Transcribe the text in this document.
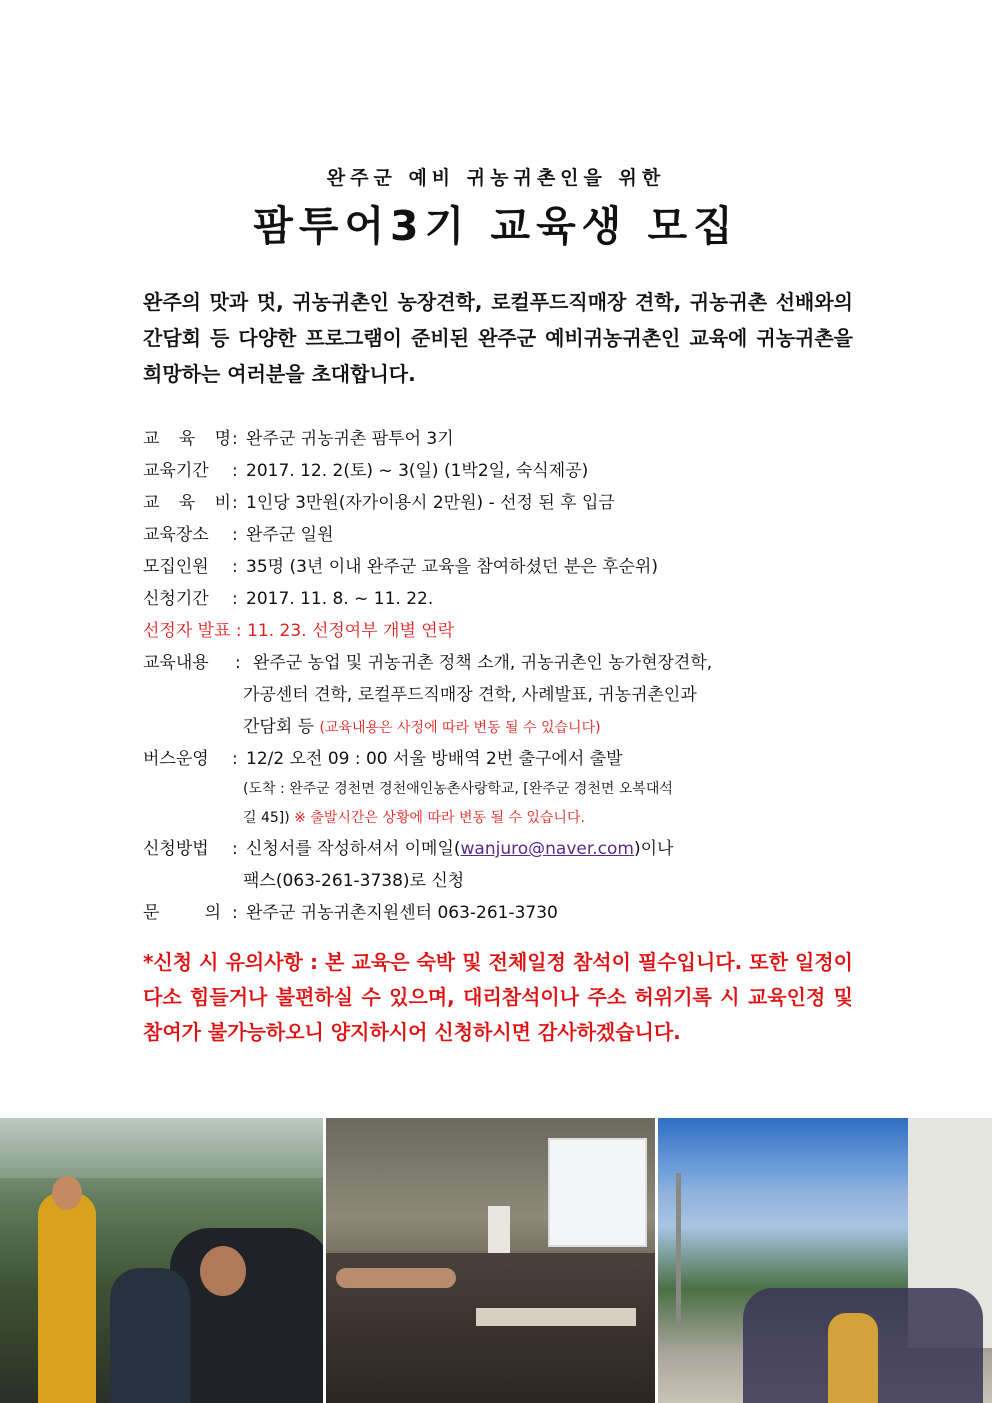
완주군 예비 귀농귀촌인을 위한
팜투어3기 교육생 모집
완주의 맛과 멋, 귀농귀촌인 농장견학, 로컬푸드직매장 견학, 귀농귀촌 선배와의 간담회 등 다양한 프로그램이 준비된 완주군 예비귀농귀촌인 교육에 귀농귀촌을 희망하는 여러분을 초대합니다.
교 육 명 : 완주군 귀농귀촌 팜투어 3기
교육기간	: 2017. 12. 2(토) ~ 3(일) (1박2일, 숙식제공)
교 육 비 : 1인당 3만원(자가이용시 2만원) - 선정 된 후 입금
교육장소	: 완주군 일원
모집인원	: 35명 (3년 이내 완주군 교육을 참여하셨던 분은 후순위)
신청기간	: 2017. 11. 8. ~ 11. 22.
선정자 발표 : 11. 23. 선정여부 개별 연락
교육내용	: 완주군 농업 및 귀농귀촌 정책 소개, 귀농귀촌인 농가현장견학,
가공센터 견학, 로컬푸드직매장 견학, 사례발표, 귀농귀촌인과
간담회 등 (교육내용은 사정에 따라 변동 될 수 있습니다)
버스운영	: 12/2 오전 09 : 00 서울 방배역 2번 출구에서 출발
(도착 : 완주군 경천면 경천애인농촌사랑학교, [완주군 경천면 오복대석
길 45]) ※ 출발시간은 상황에 따라 변동 될 수 있습니다.
신청방법	: 신청서를 작성하셔서 이메일(wanjuro@naver.com)이나
팩스(063-261-3738)로 신청
문	의 : 완주군 귀농귀촌지원센터 063-261-3730
*신청 시 유의사항 : 본 교육은 숙박 및 전체일정 참석이 필수입니다. 또한 일정이 다소 힘들거나 불편하실 수 있으며, 대리참석이나 주소 허위기록 시 교육인정 및 참여가 불가능하오니 양지하시어 신청하시면 감사하겠습니다.
